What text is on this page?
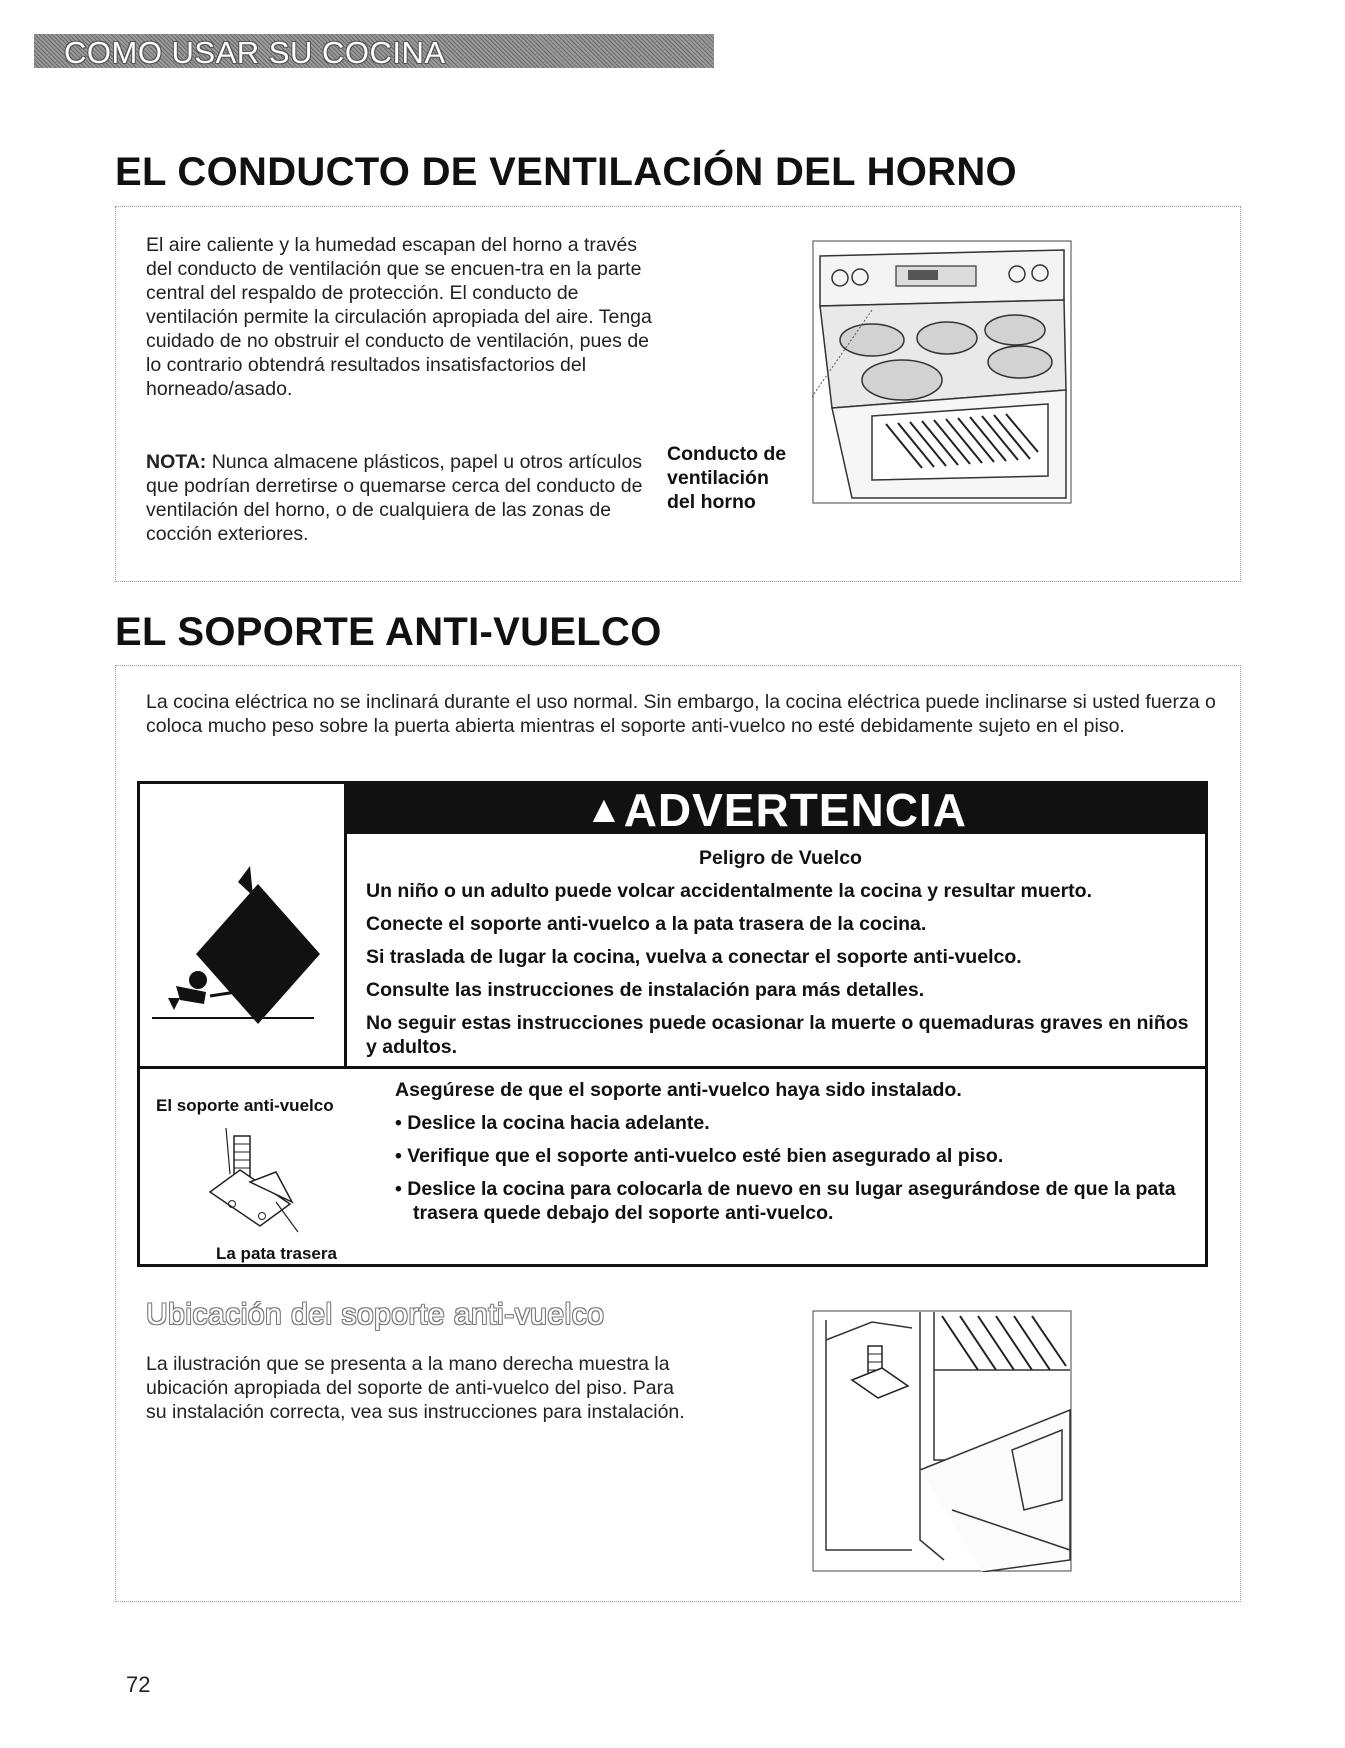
COMO USAR SU COCINA
EL CONDUCTO DE VENTILACIÓN DEL HORNO

El aire caliente y la humedad escapan del horno a través del conducto de ventilación que se encuen-tra en la parte central del respaldo de protección. El conducto de ventilación permite la circulación apropiada del aire. Tenga cuidado de no obstruir el conducto de ventilación, pues de lo contrario obtendrá resultados insatisfactorios del horneado/asado.

NOTA: Nunca almacene plásticos, papel u otros artículos que podrían derretirse o quemarse cerca del conducto de ventilación del horno, o de cualquiera de las zonas de cocción exteriores.

Conducto de
ventilación
del horno
EL SOPORTE ANTI-VUELCO

La cocina eléctrica no se inclinará durante el uso normal. Sin embargo, la cocina eléctrica puede inclinarse si usted fuerza o coloca mucho peso sobre la puerta abierta mientras el soporte anti-vuelco no esté debidamente sujeto en el piso.

▲ADVERTENCIA

Peligro de Vuelco

Un niño o un adulto puede volcar accidentalmente la cocina y resultar muerto.

Conecte el soporte anti-vuelco a la pata trasera de la cocina.

Si traslada de lugar la cocina, vuelva a conectar el soporte anti-vuelco.

Consulte las instrucciones de instalación para más detalles.

No seguir estas instrucciones puede ocasionar la muerte o quemaduras graves en niños y adultos.

El soporte anti-vuelco
La pata trasera

Asegúrese de que el soporte anti-vuelco haya sido instalado.

• Deslice la cocina hacia adelante.

• Verifique que el soporte anti-vuelco esté bien asegurado al piso.

• Deslice la cocina para colocarla de nuevo en su lugar asegurándose de que la pata trasera quede debajo del soporte anti-vuelco.

Ubicación del soporte anti-vuelco

La ilustración que se presenta a la mano derecha muestra la ubicación apropiada del soporte de anti-vuelco del piso. Para su instalación correcta, vea sus instrucciones para instalación.

72
